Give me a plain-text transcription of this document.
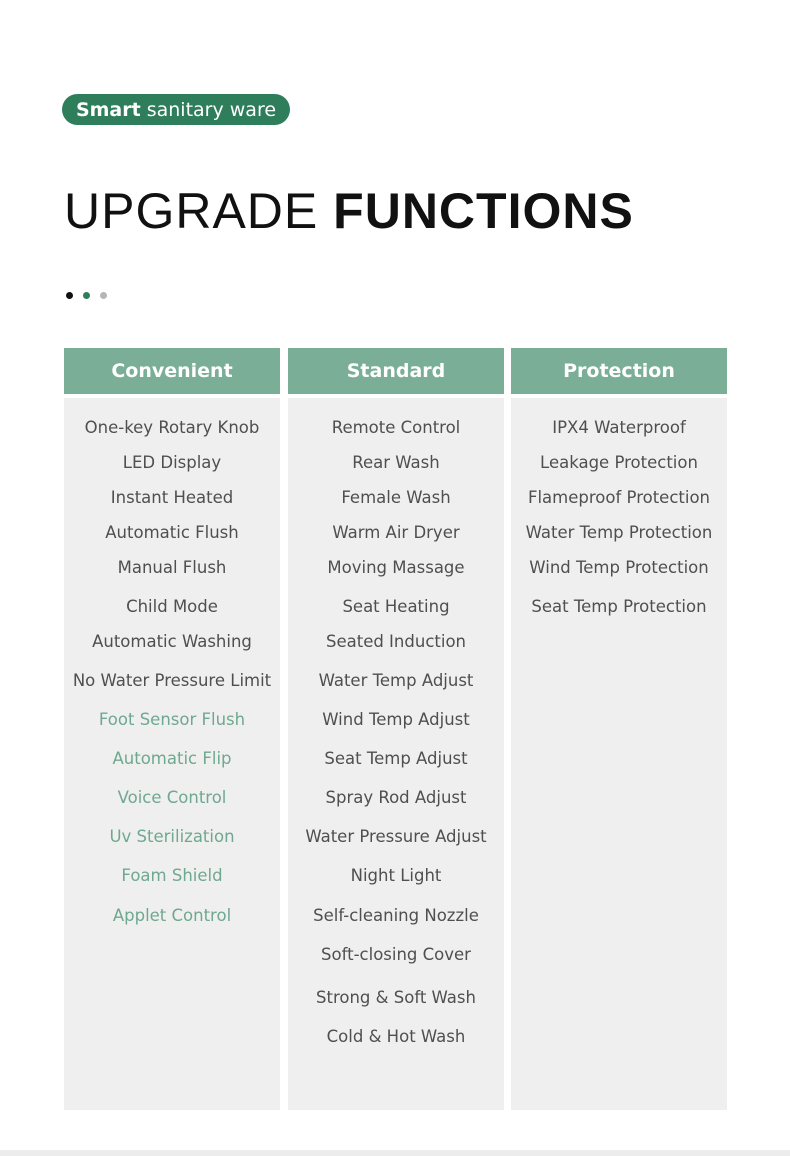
Smart sanitary ware
UPGRADE FUNCTIONS
Convenient
One-key Rotary Knob
LED Display
Instant Heated
Automatic Flush
Manual Flush
Child Mode
Automatic Washing
No Water Pressure Limit
Foot Sensor Flush
Automatic Flip
Voice Control
Uv Sterilization
Foam Shield
Applet Control
Standard
Remote Control
Rear Wash
Female Wash
Warm Air Dryer
Moving Massage
Seat Heating
Seated Induction
Water Temp Adjust
Wind Temp Adjust
Seat Temp Adjust
Spray Rod Adjust
Water Pressure Adjust
Night Light
Self-cleaning Nozzle
Soft-closing Cover
Strong & Soft Wash
Cold & Hot Wash
Protection
IPX4 Waterproof
Leakage Protection
Flameproof Protection
Water Temp Protection
Wind Temp Protection
Seat Temp Protection
